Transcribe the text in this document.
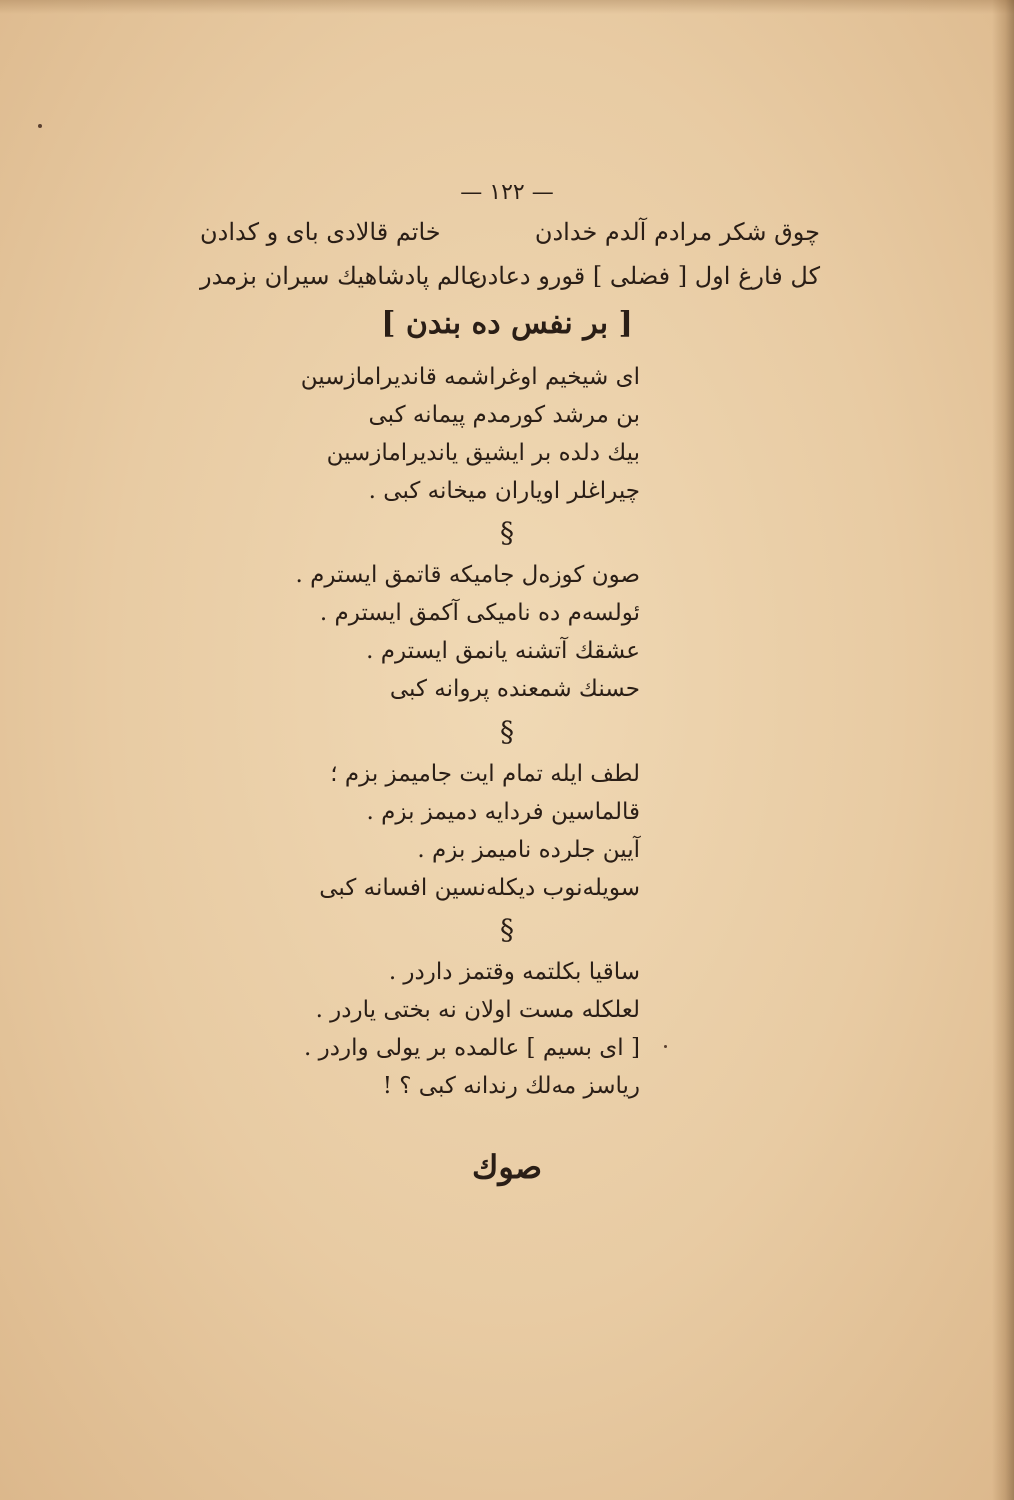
— ۱۲۲ —
چوق شکر مرادم آلدم خدادن
خاتم قالادی بای و کدادن
کل فارغ اول [ فضلی ] قورو دعادن
عالم پادشاهیك سیران بزمدر
[ بر نفس ده بندن ]
ای شیخیم اوغراشمه قاندیرامازسین
بن مرشد کورمدم پیمانه کبی
بیك دلده بر ایشیق یاندیرامازسین
چیراغلر اویاران میخانه کبی .
§
صون کوزەل جامیکه قاتمق ایسترم .
ئولسەم ده نامیکی آکمق ایسترم .
عشقك آتشنه یانمق ایسترم .
حسنك شمعنده پروانه کبی
§
لطف ایله تمام ایت جامیمز بزم ؛
قالماسین فردایه دمیمز بزم .
آیین جلرده نامیمز بزم .
سویلەنوب دیکلەنسین افسانه کبی
§
ساقیا بکلتمه وقتمز داردر .
لعلکله مست اولان نه بختی یاردر .
[ ای بسیم ] عالمده بر یولی واردر .
ریاسز مەلك رندانه کبی ؟ !
صوك
